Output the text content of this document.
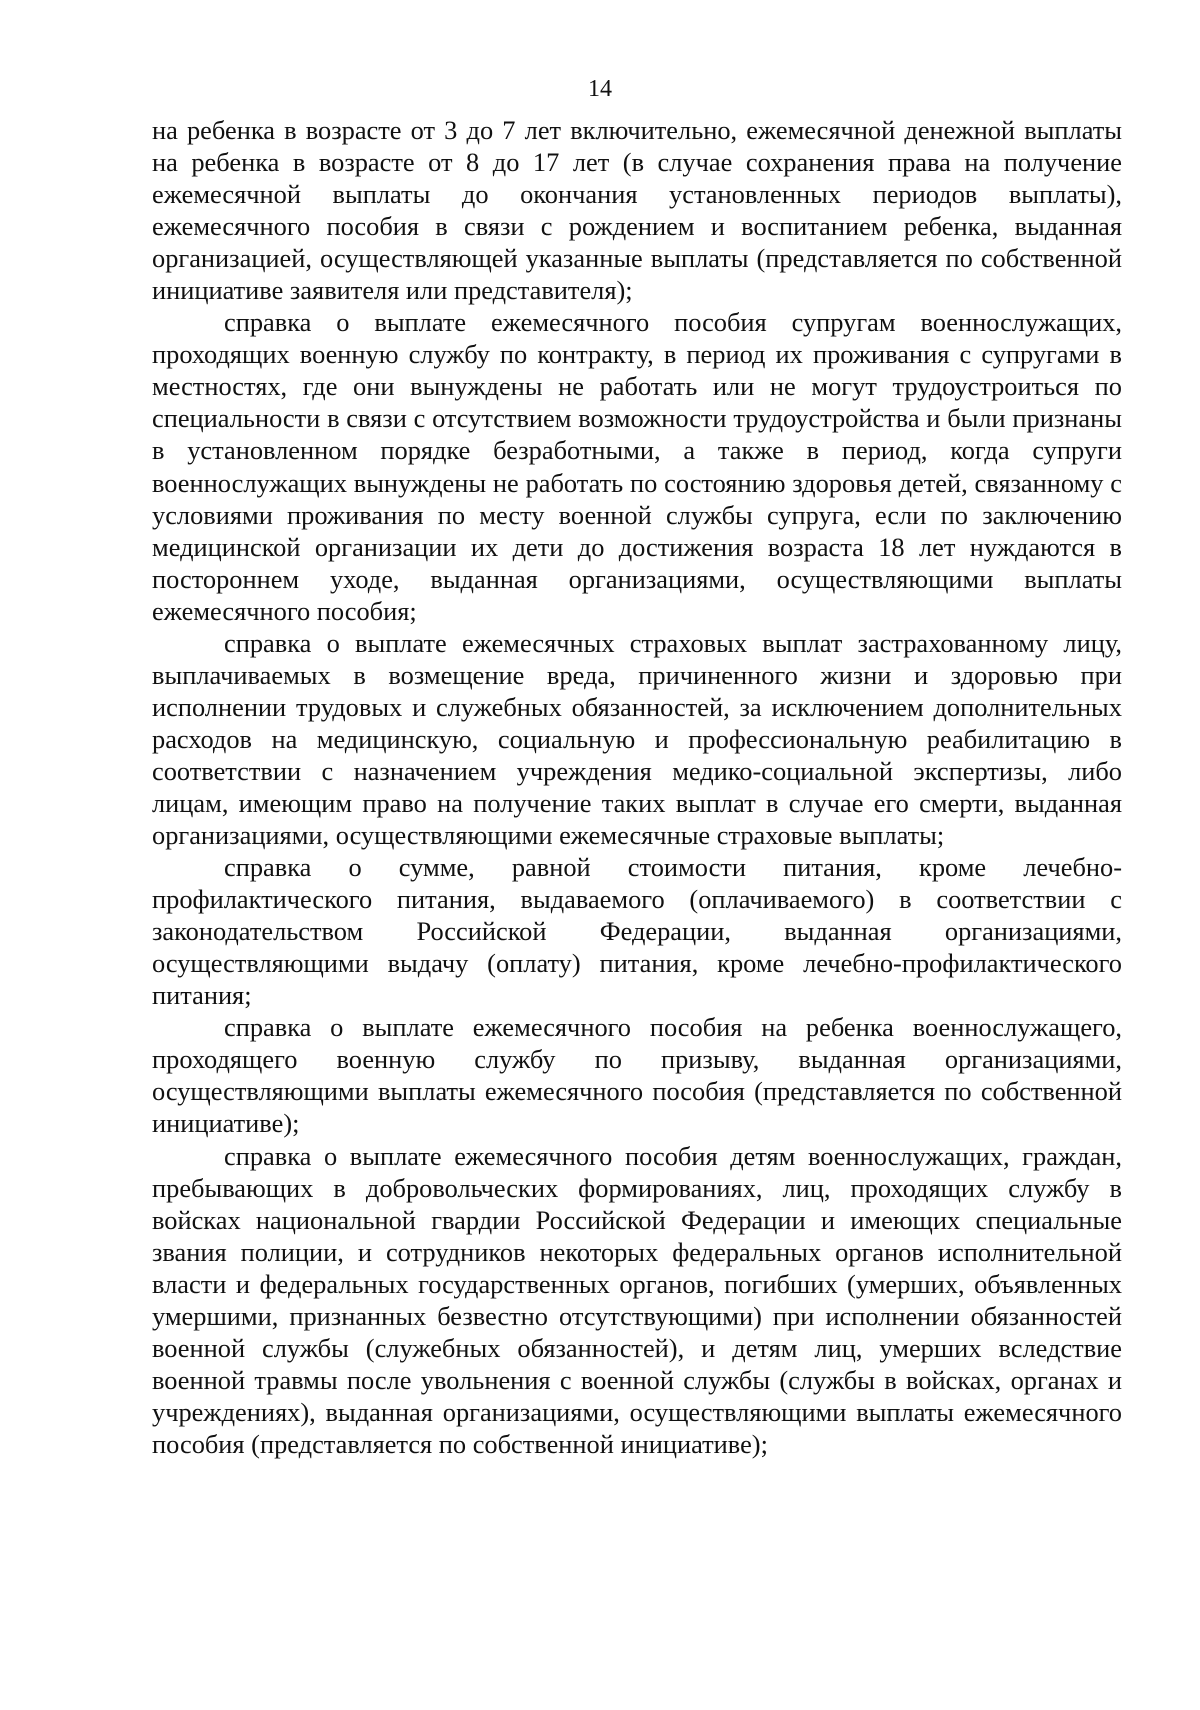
14

на ребенка в возрасте от 3 до 7 лет включительно, ежемесячной денежной выплаты на ребенка в возрасте от 8 до 17 лет (в случае сохранения права на получение ежемесячной выплаты до окончания установленных периодов выплаты), ежемесячного пособия в связи с рождением и воспитанием ребенка, выданная организацией, осуществляющей указанные выплаты (представляется по собственной инициативе заявителя или представителя);

справка о выплате ежемесячного пособия супругам военнослужащих, проходящих военную службу по контракту, в период их проживания с супругами в местностях, где они вынуждены не работать или не могут трудоустроиться по специальности в связи с отсутствием возможности трудоустройства и были признаны в установленном порядке безработными, а также в период, когда супруги военнослужащих вынуждены не работать по состоянию здоровья детей, связанному с условиями проживания по месту военной службы супруга, если по заключению медицинской организации их дети до достижения возраста 18 лет нуждаются в постороннем уходе, выданная организациями, осуществляющими выплаты ежемесячного пособия;

справка о выплате ежемесячных страховых выплат застрахованному лицу, выплачиваемых в возмещение вреда, причиненного жизни и здоровью при исполнении трудовых и служебных обязанностей, за исключением дополнительных расходов на медицинскую, социальную и профессиональную реабилитацию в соответствии с назначением учреждения медико-социальной экспертизы, либо лицам, имеющим право на получение таких выплат в случае его смерти, выданная организациями, осуществляющими ежемесячные страховые выплаты;

справка о сумме, равной стоимости питания, кроме лечебно-профилактического питания, выдаваемого (оплачиваемого) в соответствии с законодательством Российской Федерации, выданная организациями, осуществляющими выдачу (оплату) питания, кроме лечебно-профилактического питания;

справка о выплате ежемесячного пособия на ребенка военнослужащего, проходящего военную службу по призыву, выданная организациями, осуществляющими выплаты ежемесячного пособия (представляется по собственной инициативе);

справка о выплате ежемесячного пособия детям военнослужащих, граждан, пребывающих в добровольческих формированиях, лиц, проходящих службу в войсках национальной гвардии Российской Федерации и имеющих специальные звания полиции, и сотрудников некоторых федеральных органов исполнительной власти и федеральных государственных органов, погибших (умерших, объявленных умершими, признанных безвестно отсутствующими) при исполнении обязанностей военной службы (служебных обязанностей), и детям лиц, умерших вследствие военной травмы после увольнения с военной службы (службы в войсках, органах и учреждениях), выданная организациями, осуществляющими выплаты ежемесячного пособия (представляется по собственной инициативе);
